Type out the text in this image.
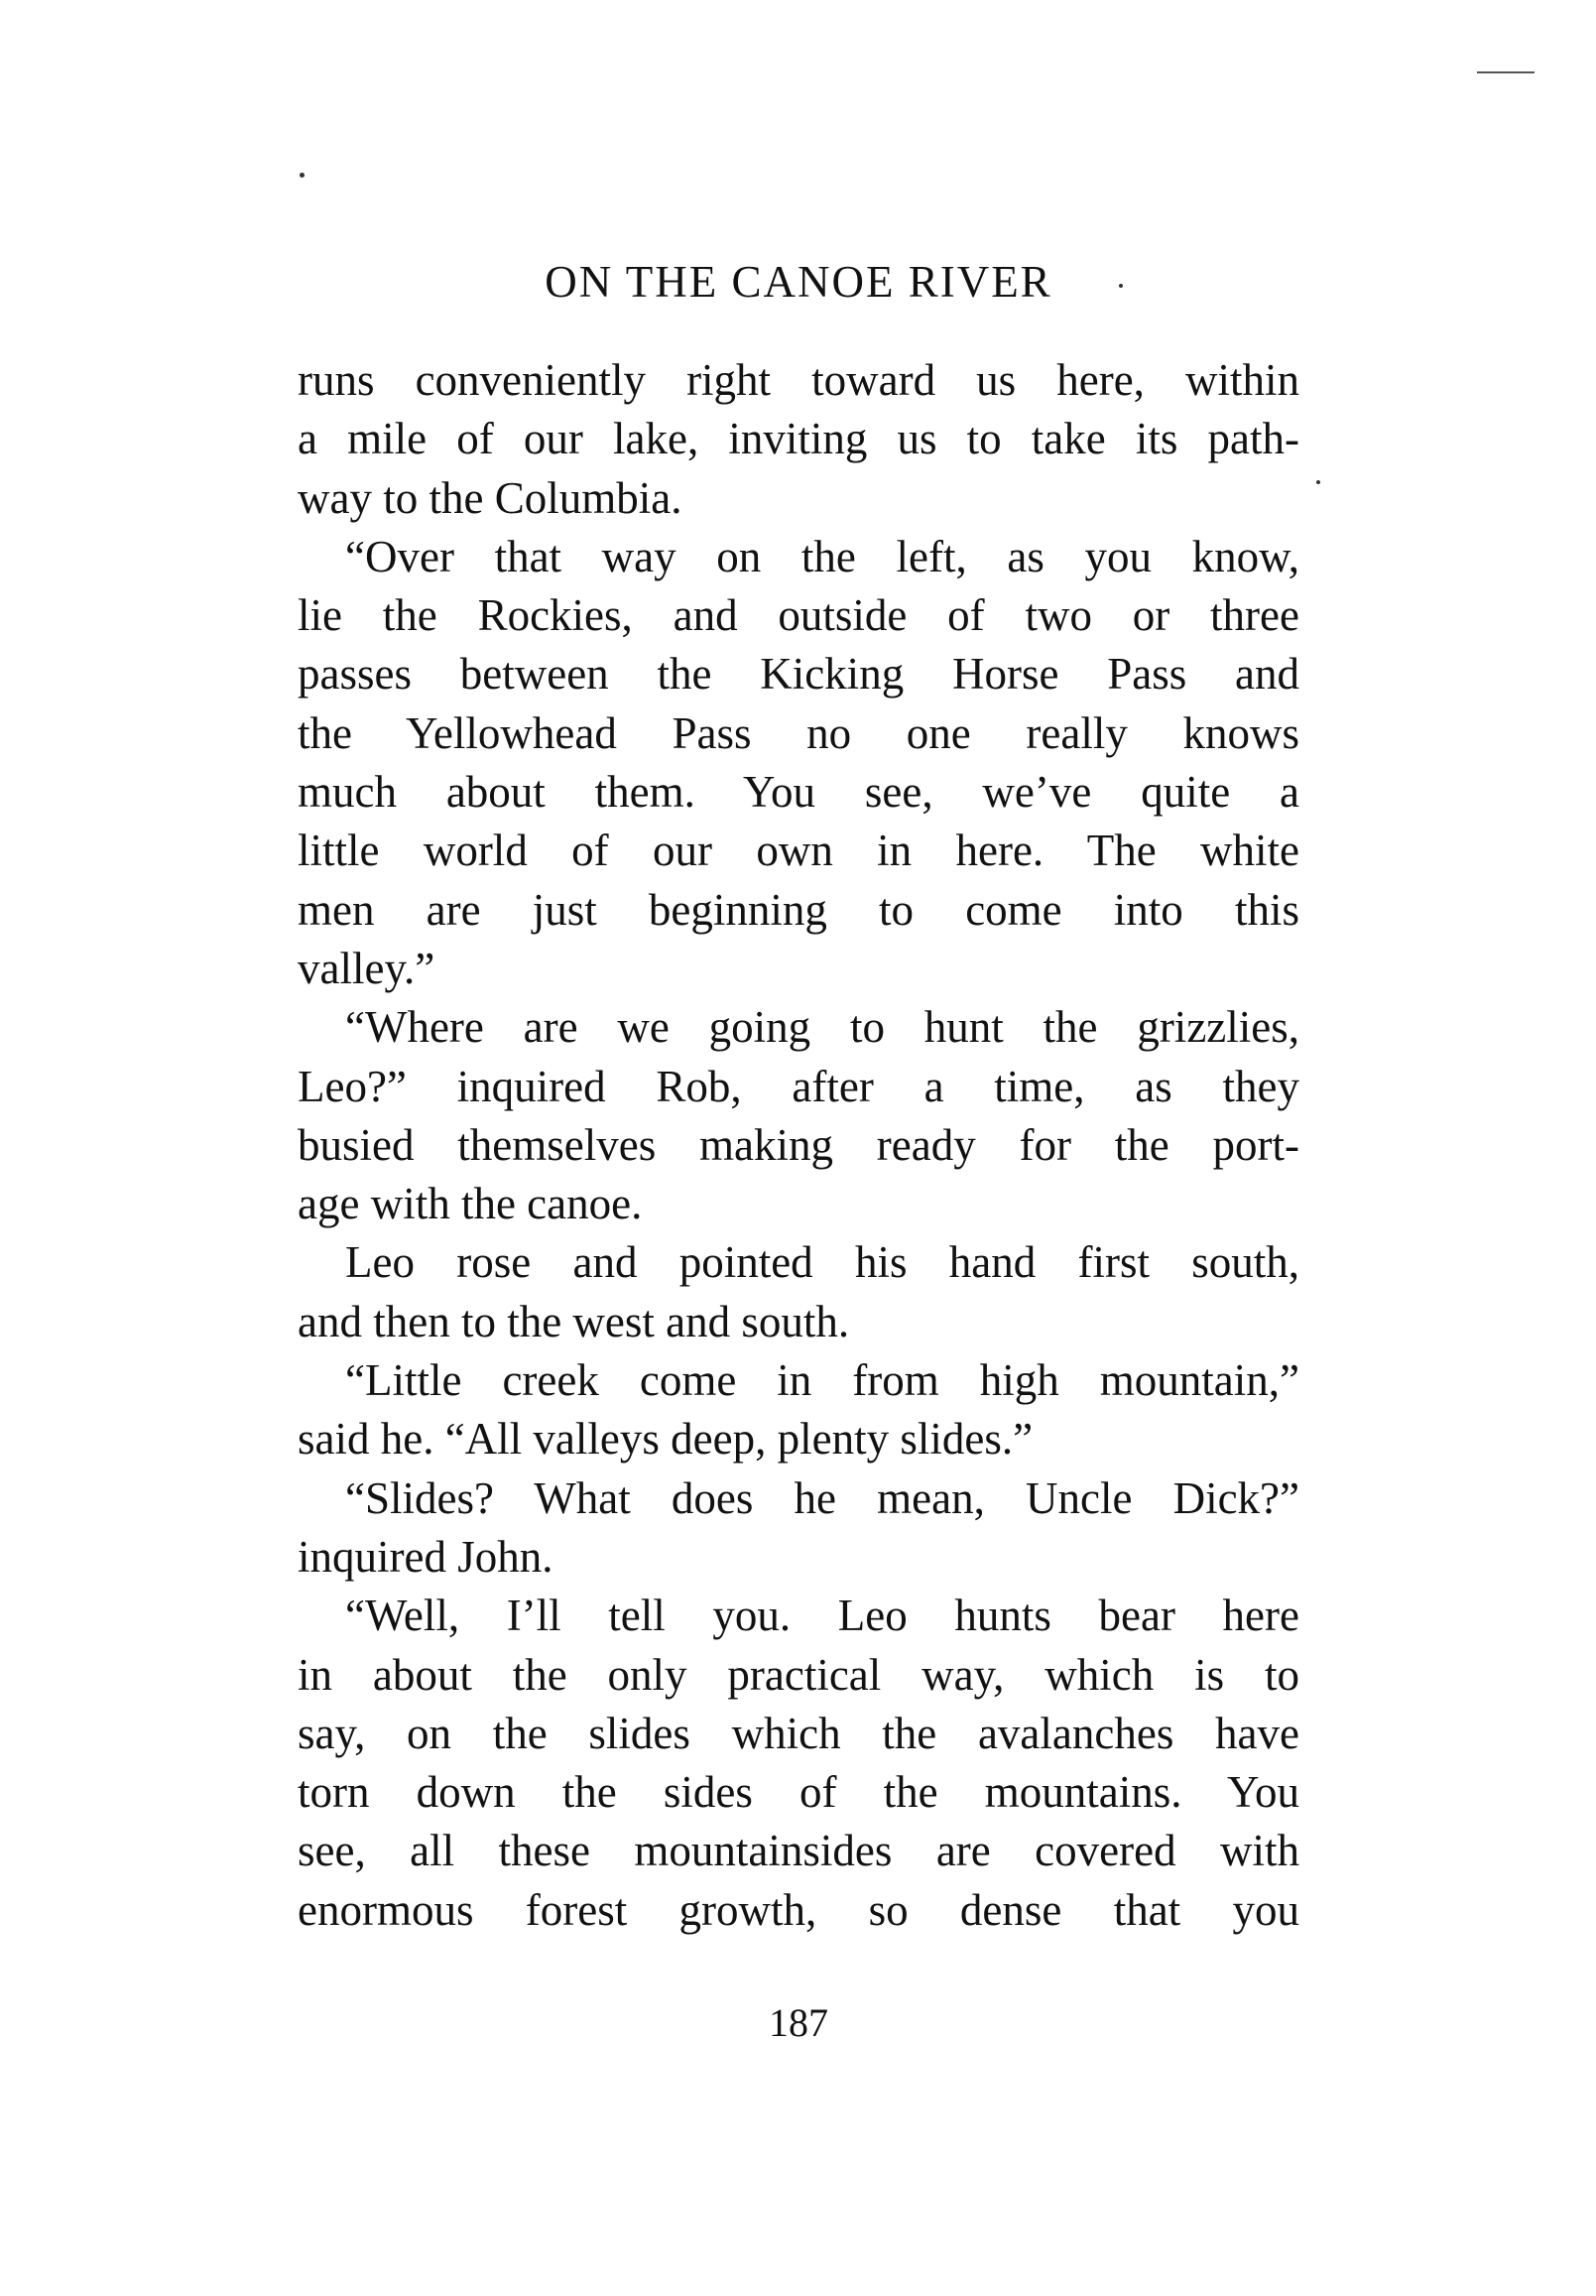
ON THE CANOE RIVER
runs conveniently right toward us here, within
a mile of our lake, inviting us to take its path-
way to the Columbia.
“Over that way on the left, as you know,
lie the Rockies, and outside of two or three
passes between the Kicking Horse Pass and
the Yellowhead Pass no one really knows
much about them. You see, we’ve quite a
little world of our own in here. The white
men are just beginning to come into this
valley.”
“Where are we going to hunt the grizzlies,
Leo?” inquired Rob, after a time, as they
busied themselves making ready for the port-
age with the canoe.
Leo rose and pointed his hand first south,
and then to the west and south.
“Little creek come in from high mountain,”
said he. “All valleys deep, plenty slides.”
“Slides? What does he mean, Uncle Dick?”
inquired John.
“Well, I’ll tell you. Leo hunts bear here
in about the only practical way, which is to
say, on the slides which the avalanches have
torn down the sides of the mountains. You
see, all these mountainsides are covered with
enormous forest growth, so dense that you
187
